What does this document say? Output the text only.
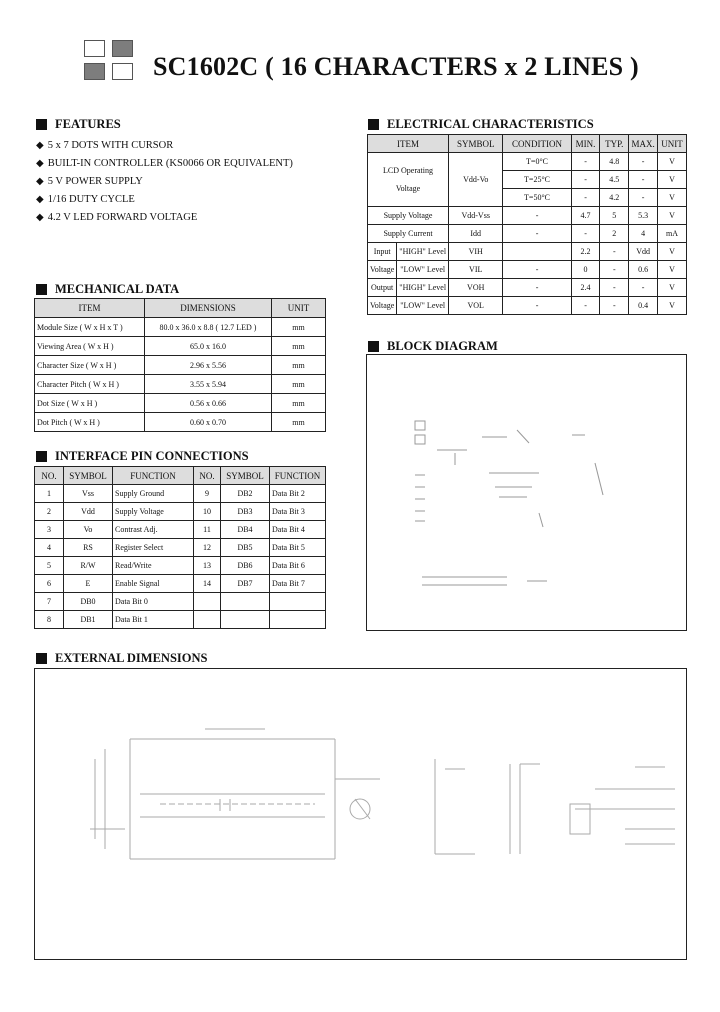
SC1602C ( 16 CHARACTERS x 2 LINES )
FEATURES
◆ 5 x 7 DOTS WITH CURSOR
◆ BUILT-IN CONTROLLER (KS0066 OR EQUIVALENT)
◆ 5 V POWER SUPPLY
◆ 1/16 DUTY CYCLE
◆ 4.2 V LED FORWARD VOLTAGE
ELECTRICAL CHARACTERISTICS
ITEM		SYMBOL	CONDITION	MIN.	TYP.	MAX.	UNIT
LCD Operating

Voltage		Vdd-Vo	T=0°C	-	4.8	-	V
			T=25°C	-	4.5	-	V
			T=50°C	-	4.2	-	V
Supply Voltage		Vdd-Vss	-	4.7	5	5.3	V
Supply Current		Idd	-	-	2	4	mA
Input	"HIGH" Level	VIH		2.2	-	Vdd	V
Voltage	"LOW" Level	VIL	-	0	-	0.6	V
Output	"HIGH" Level	VOH	-	2.4	-	-	V
Voltage	"LOW" Level	VOL	-	-	-	0.4	V
MECHANICAL DATA
ITEM	DIMENSIONS	UNIT
Module Size ( W x H x T )	80.0 x 36.0 x 8.8 ( 12.7 LED )	mm
Viewing Area ( W x H )	65.0 x 16.0	mm
Character Size ( W x H )	2.96 x 5.56	mm
Character Pitch ( W x H )	3.55 x 5.94	mm
Dot Size ( W x H )	0.56 x 0.66	mm
Dot Pitch ( W x H )	0.60 x 0.70	mm
BLOCK DIAGRAM
INTERFACE PIN CONNECTIONS
NO.	SYMBOL	FUNCTION	NO.	SYMBOL	FUNCTION
1	Vss	Supply Ground	9	DB2	Data Bit 2
2	Vdd	Supply Voltage	10	DB3	Data Bit 3
3	Vo	Contrast Adj.	11	DB4	Data Bit 4
4	RS	Register Select	12	DB5	Data Bit 5
5	R/W	Read/Write	13	DB6	Data Bit 6
6	E	Enable Signal	14	DB7	Data Bit 7
7	DB0	Data Bit 0			
8	DB1	Data Bit 1			
EXTERNAL DIMENSIONS
